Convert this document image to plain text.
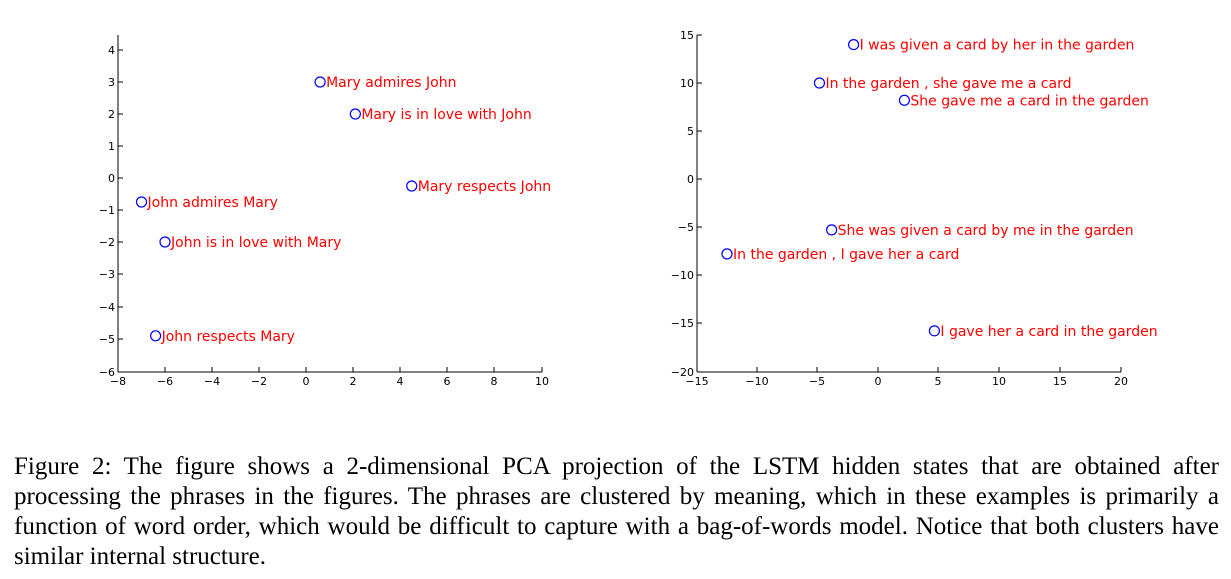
−6
−5
−4
−3
−2
−1
0
1
2
3
4
−8	−6	−4	−2	0	2	4	6	8	10
Mary admires John
Mary is in love with John
Mary respects John
John admires Mary
John is in love with Mary
John respects Mary
−20
−15
−10
−5
0
5
10
15
−15	−10	−5	0	5	10	15	20
I was given a card by her in the garden
In the garden , she gave me a card
She gave me a card in the garden
She was given a card by me in the garden
In the garden , I gave her a card
I gave her a card in the garden

Figure 2: The figure shows a 2-dimensional PCA projection of the LSTM hidden states that are obtained after processing the phrases in the figures. The phrases are clustered by meaning, which in these examples is primarily a function of word order, which would be difficult to capture with a bag-of-words model. Notice that both clusters have similar internal structure.
